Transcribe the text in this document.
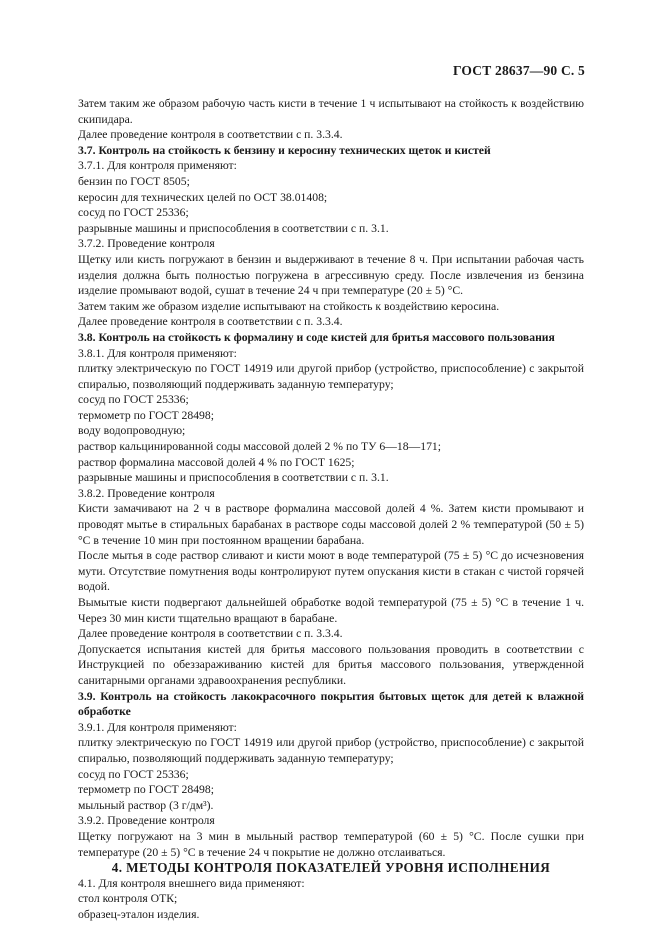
ГОСТ 28637—90 С. 5

Затем таким же образом рабочую часть кисти в течение 1 ч испытывают на стойкость к воздействию скипидара.

Далее проведение контроля в соответствии с п. 3.3.4.

3.7. Контроль на стойкость к бензину и керосину технических щеток и кистей

3.7.1. Для контроля применяют:

бензин по ГОСТ 8505;

керосин для технических целей по ОСТ 38.01408;

сосуд по ГОСТ 25336;

разрывные машины и приспособления в соответствии с п. 3.1.

3.7.2. Проведение контроля

Щетку или кисть погружают в бензин и выдерживают в течение 8 ч. При испытании рабочая часть изделия должна быть полностью погружена в агрессивную среду. После извлечения из бензина изделие промывают водой, сушат в течение 24 ч при температуре (20 ± 5) °С.

Затем таким же образом изделие испытывают на стойкость к воздействию керосина.

Далее проведение контроля в соответствии с п. 3.3.4.

3.8. Контроль на стойкость к формалину и соде кистей для бритья массового пользования

3.8.1. Для контроля применяют:

плитку электрическую по ГОСТ 14919 или другой прибор (устройство, приспособление) с закрытой спиралью, позволяющий поддерживать заданную температуру;

сосуд по ГОСТ 25336;

термометр по ГОСТ 28498;

воду водопроводную;

раствор кальцинированной соды массовой долей 2 % по ТУ 6—18—171;

раствор формалина массовой долей 4 % по ГОСТ 1625;

разрывные машины и приспособления в соответствии с п. 3.1.

3.8.2. Проведение контроля

Кисти замачивают на 2 ч в растворе формалина массовой долей 4 %. Затем кисти промывают и проводят мытье в стиральных барабанах в растворе соды массовой долей 2 % температурой (50 ± 5) °С в течение 10 мин при постоянном вращении барабана.

После мытья в соде раствор сливают и кисти моют в воде температурой (75 ± 5) °С до исчезновения мути. Отсутствие помутнения воды контролируют путем опускания кисти в стакан с чистой горячей водой.

Вымытые кисти подвергают дальнейшей обработке водой температурой (75 ± 5) °С в течение 1 ч. Через 30 мин кисти тщательно вращают в барабане.

Далее проведение контроля в соответствии с п. 3.3.4.

Допускается испытания кистей для бритья массового пользования проводить в соответствии с Инструкцией по обеззараживанию кистей для бритья массового пользования, утвержденной санитарными органами здравоохранения республики.

3.9. Контроль на стойкость лакокрасочного покрытия бытовых щеток для детей к влажной обработке

3.9.1. Для контроля применяют:

плитку электрическую по ГОСТ 14919 или другой прибор (устройство, приспособление) с закрытой спиралью, позволяющий поддерживать заданную температуру;

сосуд по ГОСТ 25336;

термометр по ГОСТ 28498;

мыльный раствор (3 г/дм³).

3.9.2. Проведение контроля

Щетку погружают на 3 мин в мыльный раствор температурой (60 ± 5) °С. После сушки при температуре (20 ± 5) °С в течение 24 ч покрытие не должно отслаиваться.

4. МЕТОДЫ КОНТРОЛЯ ПОКАЗАТЕЛЕЙ УРОВНЯ ИСПОЛНЕНИЯ

4.1. Для контроля внешнего вида применяют:

стол контроля ОТК;

образец-эталон изделия.
